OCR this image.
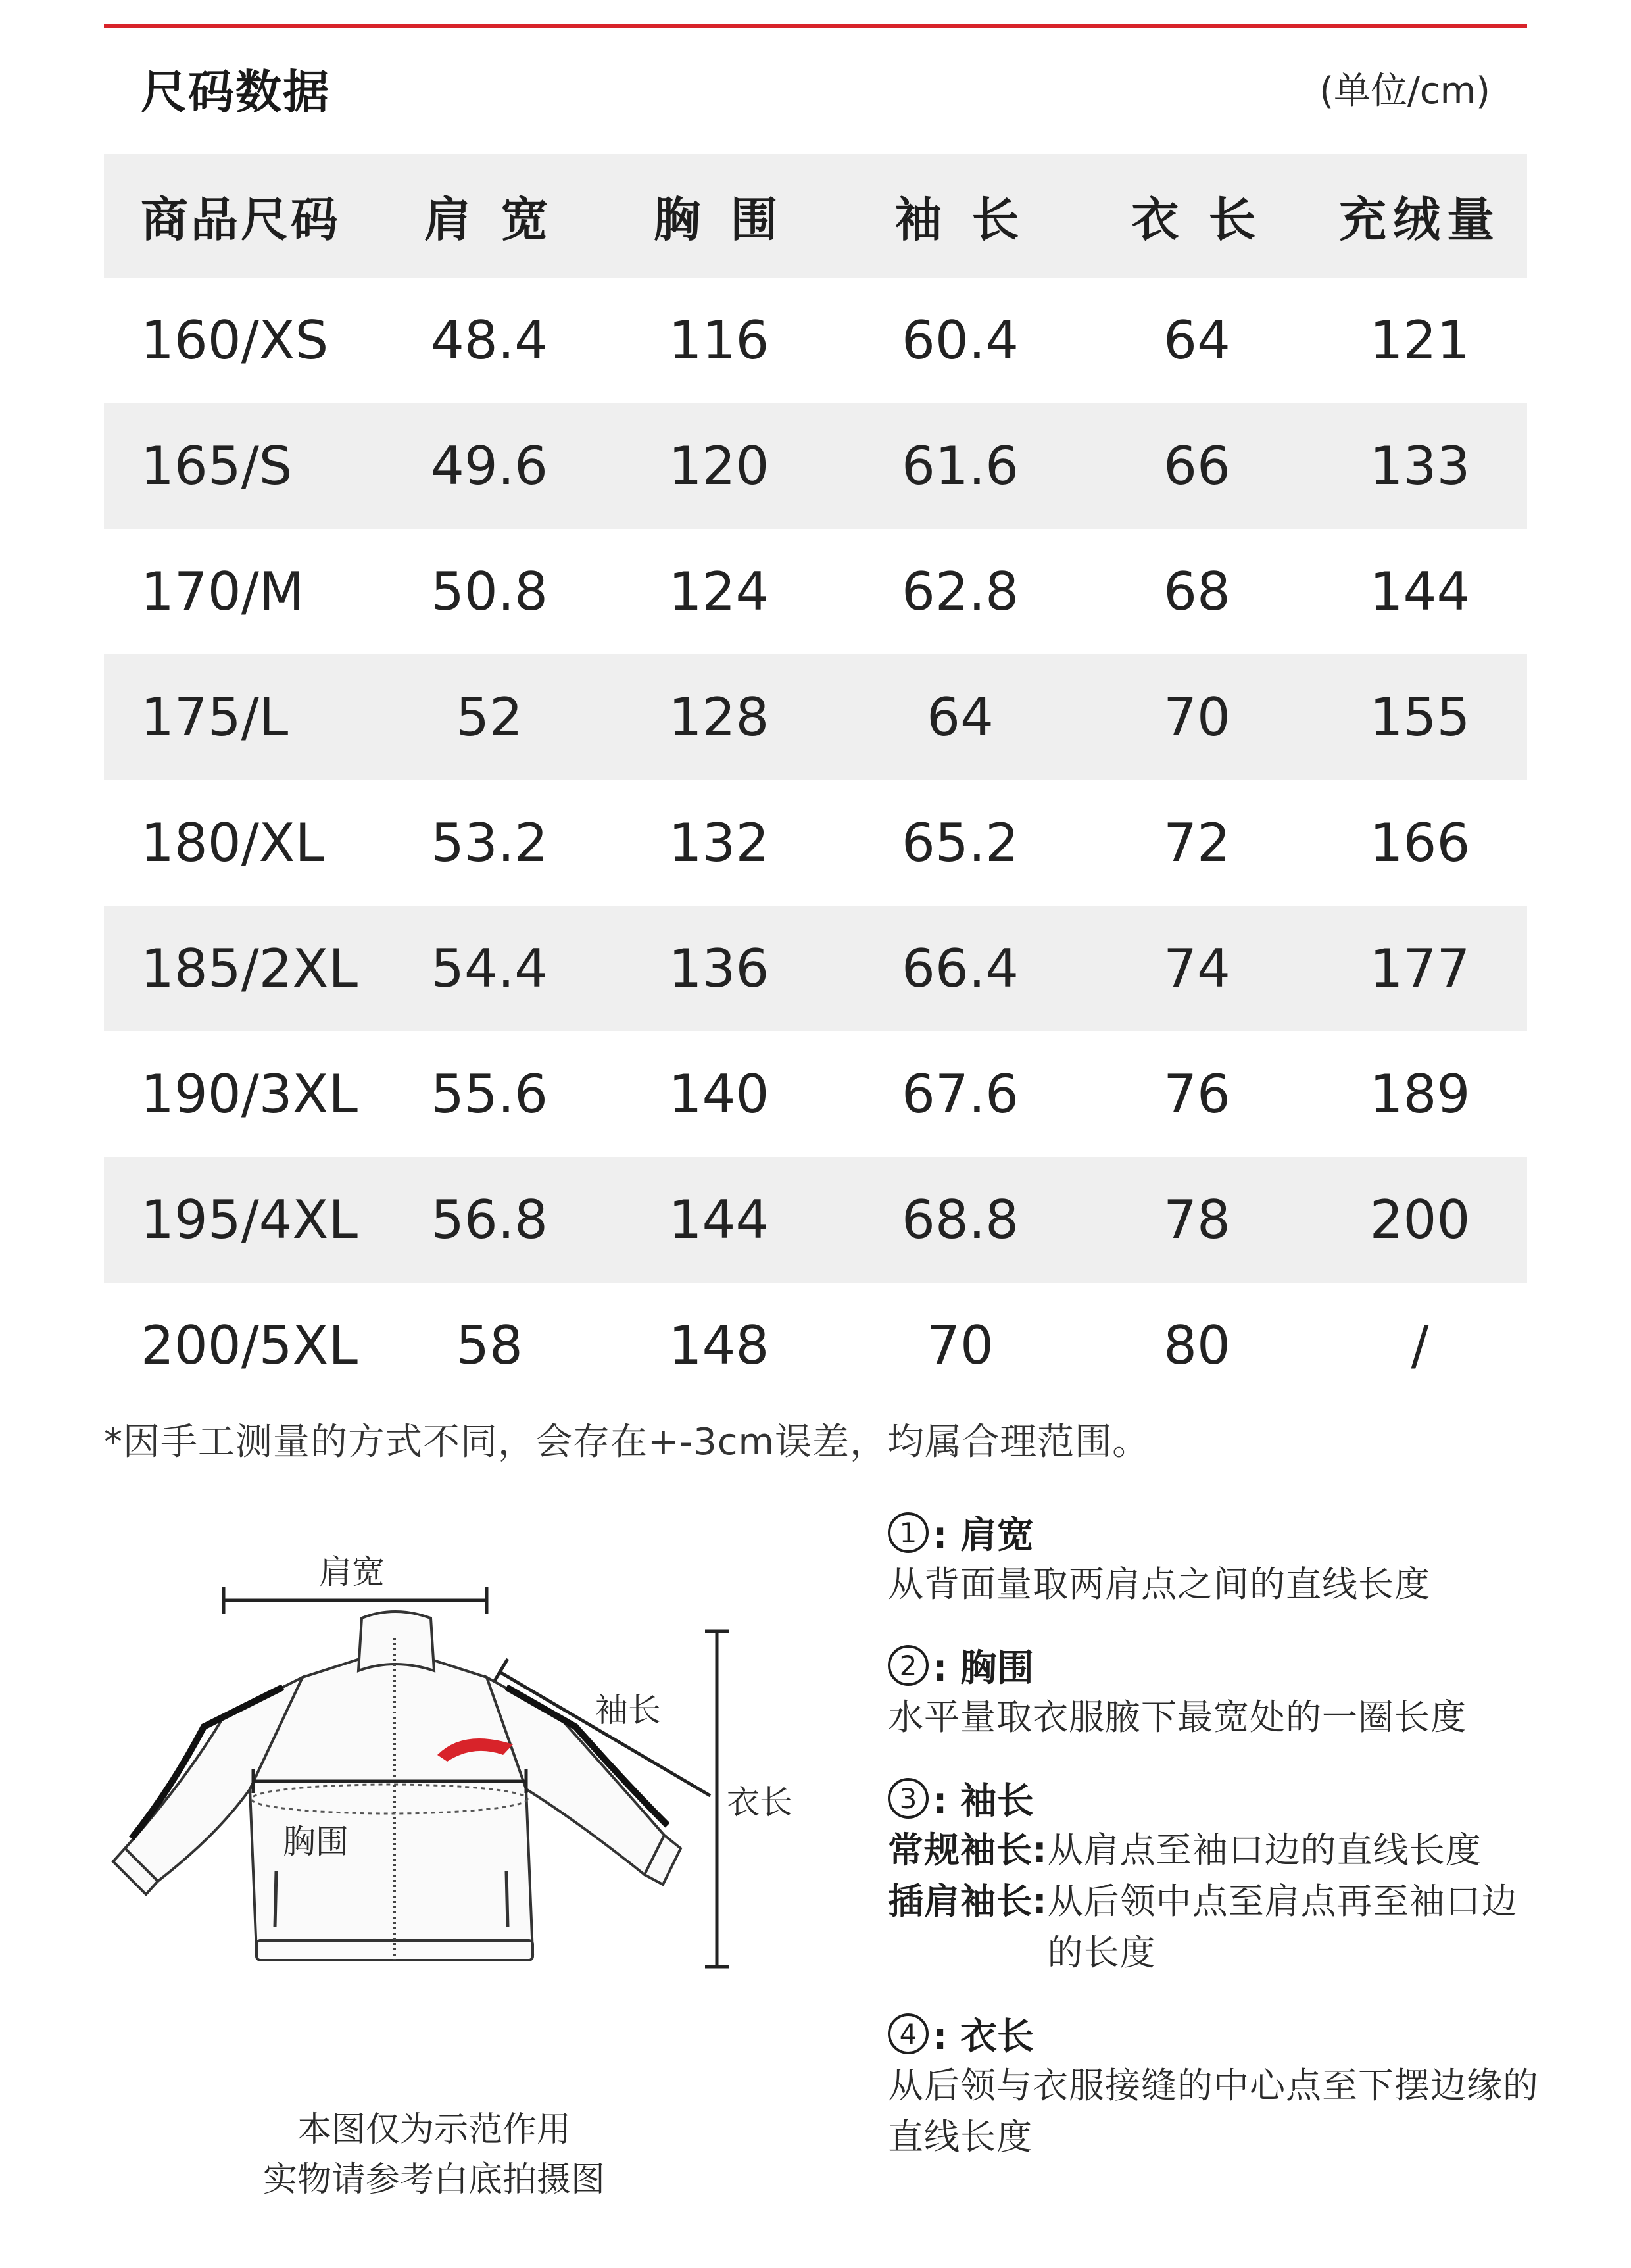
尺码数据	(单位/cm)
商品尺码	肩 宽	胸 围	袖 长	衣 长	充绒量
160/XS	48.4	116	60.4	64	121
165/S	49.6	120	61.6	66	133
170/M	50.8	124	62.8	68	144
175/L	52	128	64	70	155
180/XL	53.2	132	65.2	72	166
185/2XL	54.4	136	66.4	74	177
190/3XL	55.6	140	67.6	76	189
195/4XL	56.8	144	68.8	78	200
200/5XL	58	148	70	80	/
*因手工测量的方式不同，会存在+-3cm误差，均属合理范围。
肩宽
袖长
胸围
衣长
本图仅为示范作用
实物请参考白底拍摄图
1 : 肩宽
从背面量取两肩点之间的直线长度
2 : 胸围
水平量取衣服腋下最宽处的一圈长度
3 : 袖长
常规袖长: 从肩点至袖口边的直线长度
插肩袖长: 从后领中点至肩点再至袖口边的长度
4 : 衣长
从后领与衣服接缝的中心点至下摆边缘的直线长度
